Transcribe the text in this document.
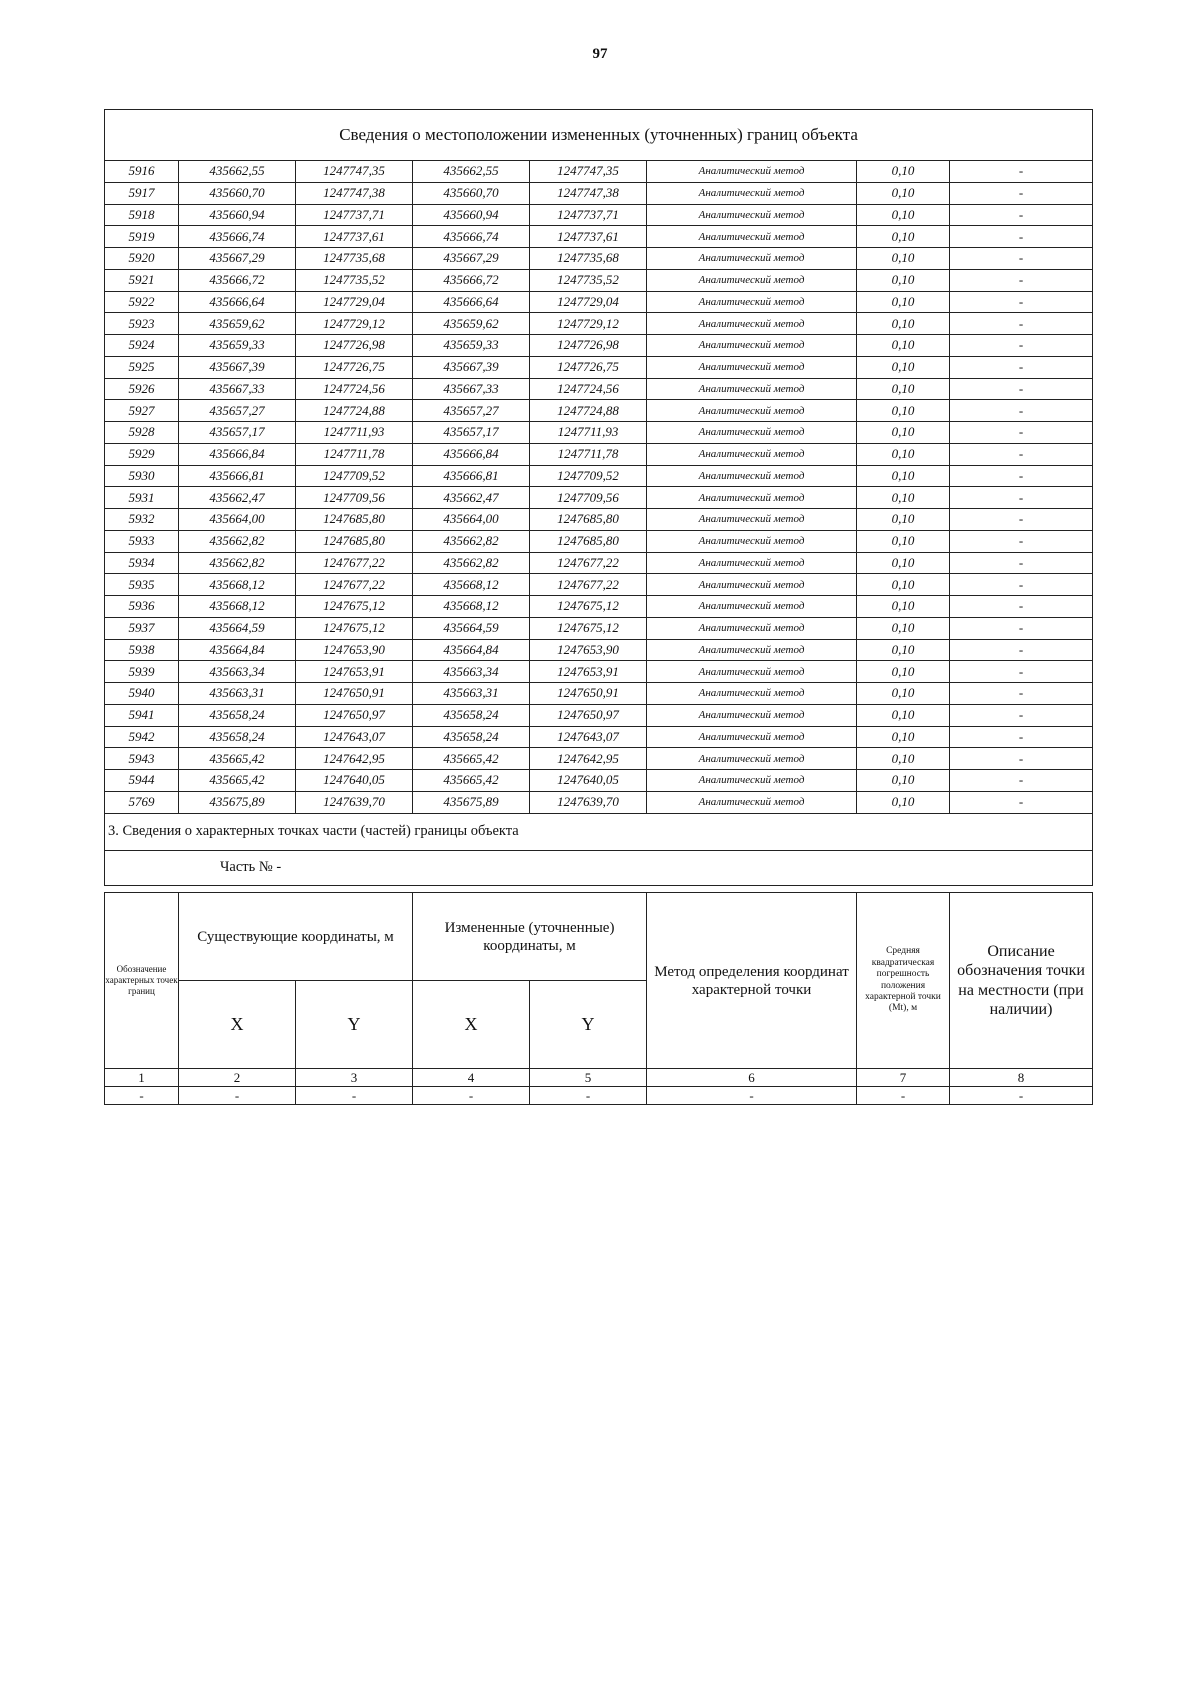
97
Сведения о местоположении измененных (уточненных) границ объекта							
5916	435662,55	1247747,35	435662,55	1247747,35	Аналитический метод	0,10	-
5917	435660,70	1247747,38	435660,70	1247747,38	Аналитический метод	0,10	-
5918	435660,94	1247737,71	435660,94	1247737,71	Аналитический метод	0,10	-
5919	435666,74	1247737,61	435666,74	1247737,61	Аналитический метод	0,10	-
5920	435667,29	1247735,68	435667,29	1247735,68	Аналитический метод	0,10	-
5921	435666,72	1247735,52	435666,72	1247735,52	Аналитический метод	0,10	-
5922	435666,64	1247729,04	435666,64	1247729,04	Аналитический метод	0,10	-
5923	435659,62	1247729,12	435659,62	1247729,12	Аналитический метод	0,10	-
5924	435659,33	1247726,98	435659,33	1247726,98	Аналитический метод	0,10	-
5925	435667,39	1247726,75	435667,39	1247726,75	Аналитический метод	0,10	-
5926	435667,33	1247724,56	435667,33	1247724,56	Аналитический метод	0,10	-
5927	435657,27	1247724,88	435657,27	1247724,88	Аналитический метод	0,10	-
5928	435657,17	1247711,93	435657,17	1247711,93	Аналитический метод	0,10	-
5929	435666,84	1247711,78	435666,84	1247711,78	Аналитический метод	0,10	-
5930	435666,81	1247709,52	435666,81	1247709,52	Аналитический метод	0,10	-
5931	435662,47	1247709,56	435662,47	1247709,56	Аналитический метод	0,10	-
5932	435664,00	1247685,80	435664,00	1247685,80	Аналитический метод	0,10	-
5933	435662,82	1247685,80	435662,82	1247685,80	Аналитический метод	0,10	-
5934	435662,82	1247677,22	435662,82	1247677,22	Аналитический метод	0,10	-
5935	435668,12	1247677,22	435668,12	1247677,22	Аналитический метод	0,10	-
5936	435668,12	1247675,12	435668,12	1247675,12	Аналитический метод	0,10	-
5937	435664,59	1247675,12	435664,59	1247675,12	Аналитический метод	0,10	-
5938	435664,84	1247653,90	435664,84	1247653,90	Аналитический метод	0,10	-
5939	435663,34	1247653,91	435663,34	1247653,91	Аналитический метод	0,10	-
5940	435663,31	1247650,91	435663,31	1247650,91	Аналитический метод	0,10	-
5941	435658,24	1247650,97	435658,24	1247650,97	Аналитический метод	0,10	-
5942	435658,24	1247643,07	435658,24	1247643,07	Аналитический метод	0,10	-
5943	435665,42	1247642,95	435665,42	1247642,95	Аналитический метод	0,10	-
5944	435665,42	1247640,05	435665,42	1247640,05	Аналитический метод	0,10	-
5769	435675,89	1247639,70	435675,89	1247639,70	Аналитический метод	0,10	-
3. Сведения о характерных точках части (частей) границы объекта							
Часть № -							
Обозначение характерных точек границ	Существующие координаты, м		Измененные (уточненные) координаты, м		Метод определения координат характерной точки	Средняя квадратическая погрешность положения характерной точки (Mt), м	Описание обозначения точки на местности (при наличии)
	X	Y	X	Y			
1	2	3	4	5	6	7	8
-	-	-	-	-	-	-	-
